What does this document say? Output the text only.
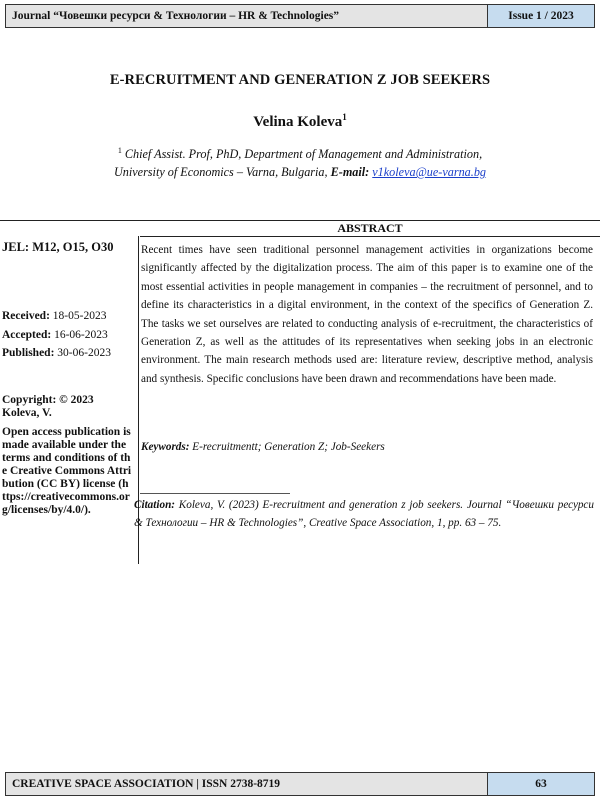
Journal “Човешки ресурси & Технологии – HR & Technologies”	Issue 1 / 2023
E-RECRUITMENT AND GENERATION Z JOB SEEKERS
Velina Koleva$^1$
$^1$ Chief Assist. Prof, PhD, Department of Management and Administration,
University of Economics – Varna, Bulgaria, E-mail: v1koleva@ue-varna.bg
ABSTRACT
JEL: M12, O15, O30
Received: 18-05-2023
Accepted: 16-06-2023
Published: 30-06-2023
Copyright: © 2023 Koleva, V.
Open access publication is made available under the terms and conditions of the Creative Commons Attribution (CC BY) license (https://creativecommons.org/licenses/by/4.0/).

Recent times have seen traditional personnel management activities in organizations become significantly affected by the digitalization process. The aim of this paper is to examine one of the most essential activities in people management in companies – the recruitment of personnel, and to define its characteristics in a digital environment, in the context of the specifics of Generation Z. The tasks we set ourselves are related to conducting analysis of e-recruitment, the characteristics of Generation Z, as well as the attitudes of its representatives when seeking jobs in an electronic environment. The main research methods used are: literature review, descriptive method, analysis and synthesis. Specific conclusions have been drawn and recommendations have been made.

Keywords: E-recruitmentt; Generation Z; Job-Seekers

Citation: Koleva, V. (2023) E-recruitment and generation z job seekers. Journal “Човешки ресурси & Технологии – HR & Technologies”, Creative Space Association, 1, pp. 63 – 75.

CREATIVE SPACE ASSOCIATION | ISSN 2738-8719	63
